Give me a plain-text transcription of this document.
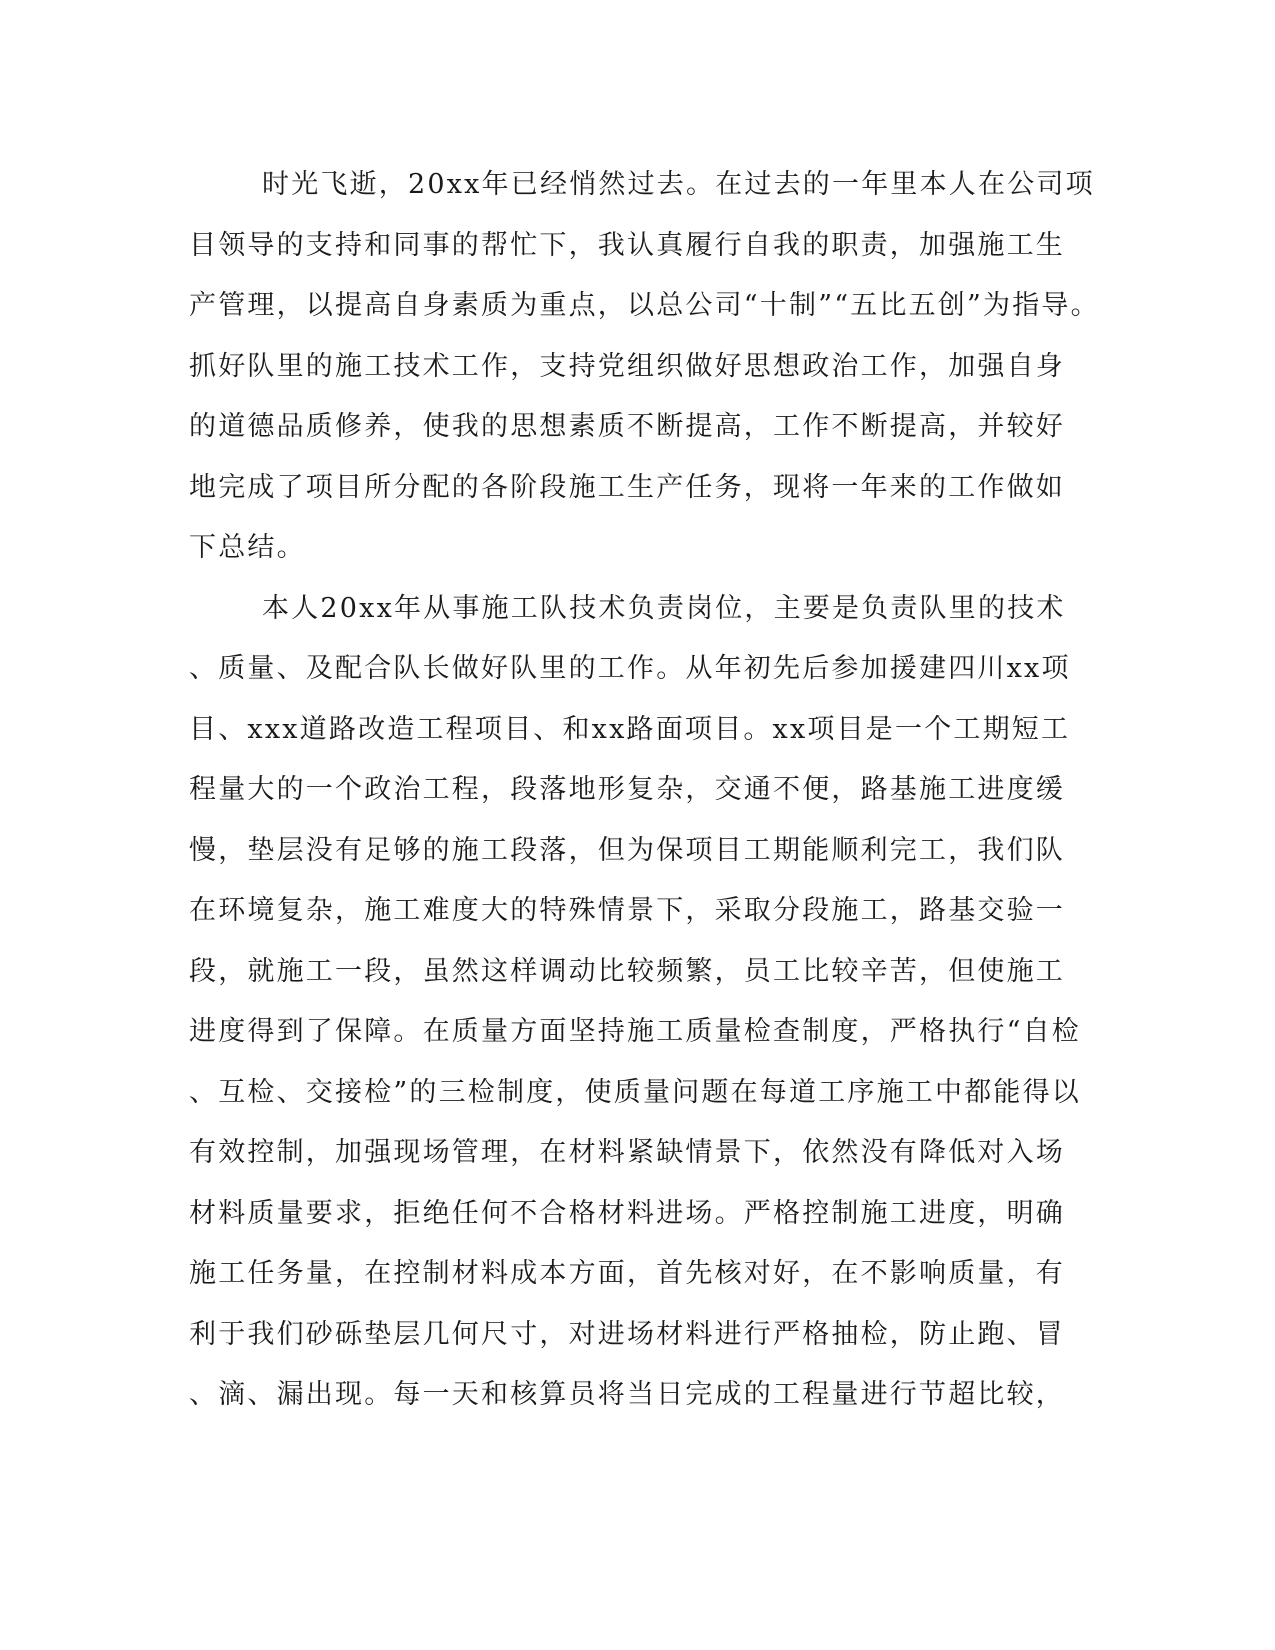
时光飞逝，20xx年已经悄然过去。在过去的一年里本人在公司项
目领导的支持和同事的帮忙下，我认真履行自我的职责，加强施工生
产管理，以提高自身素质为重点，以总公司“十制”“五比五创”为指导。
抓好队里的施工技术工作，支持党组织做好思想政治工作，加强自身
的道德品质修养，使我的思想素质不断提高，工作不断提高，并较好
地完成了项目所分配的各阶段施工生产任务，现将一年来的工作做如
下总结。
本人20xx年从事施工队技术负责岗位，主要是负责队里的技术
、质量、及配合队长做好队里的工作。从年初先后参加援建四川xx项
目、xxx道路改造工程项目、和xx路面项目。xx项目是一个工期短工
程量大的一个政治工程，段落地形复杂，交通不便，路基施工进度缓
慢，垫层没有足够的施工段落，但为保项目工期能顺利完工，我们队
在环境复杂，施工难度大的特殊情景下，采取分段施工，路基交验一
段，就施工一段，虽然这样调动比较频繁，员工比较辛苦，但使施工
进度得到了保障。在质量方面坚持施工质量检查制度，严格执行“自检
、互检、交接检”的三检制度，使质量问题在每道工序施工中都能得以
有效控制，加强现场管理，在材料紧缺情景下，依然没有降低对入场
材料质量要求，拒绝任何不合格材料进场。严格控制施工进度，明确
施工任务量，在控制材料成本方面，首先核对好，在不影响质量，有
利于我们砂砾垫层几何尺寸，对进场材料进行严格抽检，防止跑、冒
、滴、漏出现。每一天和核算员将当日完成的工程量进行节超比较，
